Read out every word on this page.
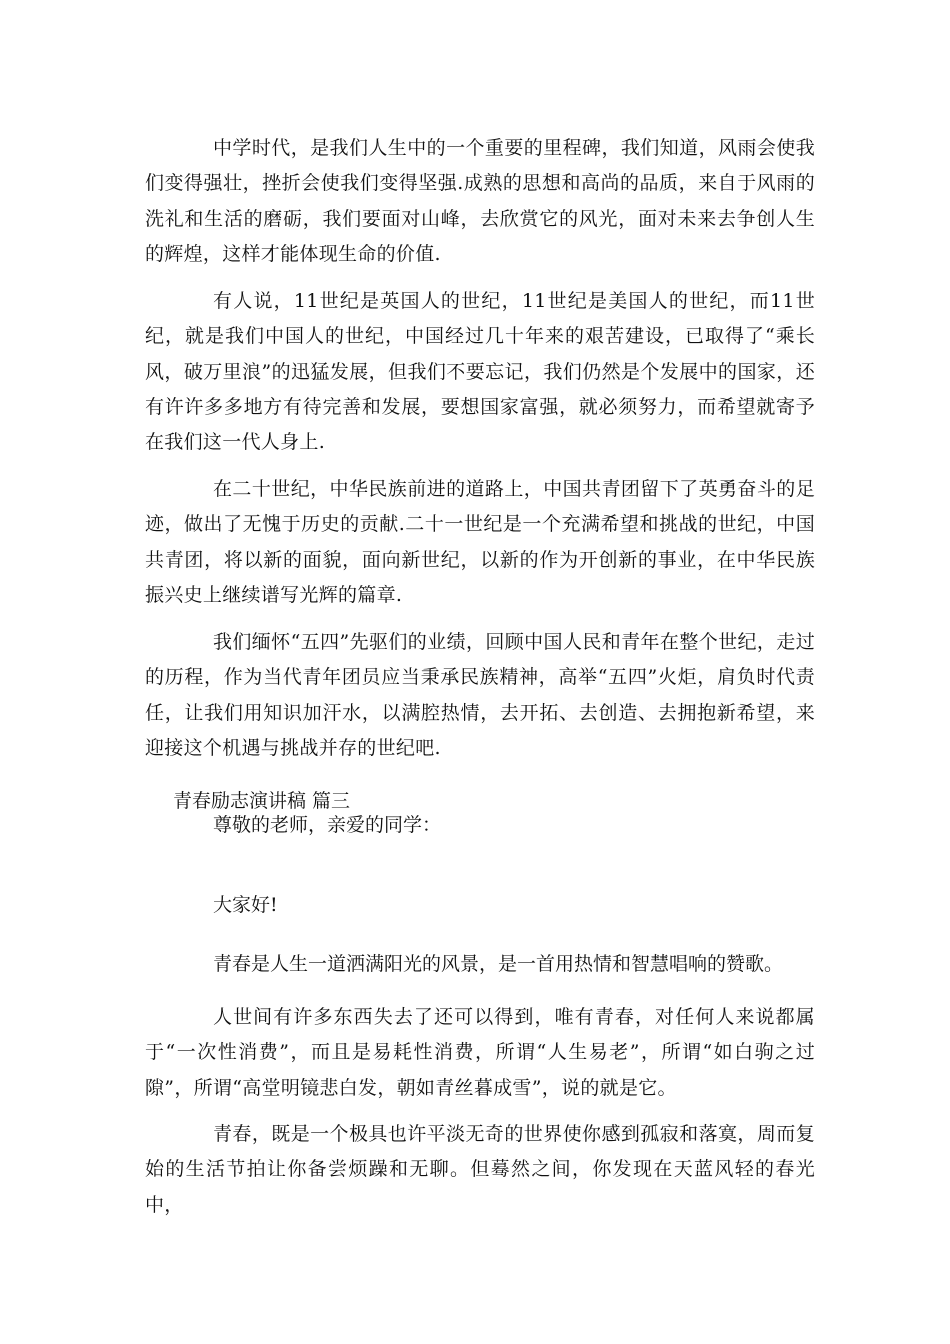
中学时代，是我们人生中的一个重要的里程碑，我们知道，风雨会使我们变得强壮，挫折会使我们变得坚强.成熟的思想和高尚的品质，来自于风雨的洗礼和生活的磨砺，我们要面对山峰，去欣赏它的风光，面对未来去争创人生的辉煌，这样才能体现生命的价值.

有人说，11世纪是英国人的世纪，11世纪是美国人的世纪，而11世纪，就是我们中国人的世纪，中国经过几十年来的艰苦建设，已取得了“乘长风，破万里浪”的迅猛发展，但我们不要忘记，我们仍然是个发展中的国家，还有许许多多地方有待完善和发展，要想国家富强，就必须努力，而希望就寄予在我们这一代人身上.

在二十世纪，中华民族前进的道路上，中国共青团留下了英勇奋斗的足迹，做出了无愧于历史的贡献.二十一世纪是一个充满希望和挑战的世纪，中国共青团，将以新的面貌，面向新世纪，以新的作为开创新的事业，在中华民族振兴史上继续谱写光辉的篇章.

我们缅怀“五四”先驱们的业绩，回顾中国人民和青年在整个世纪，走过的历程，作为当代青年团员应当秉承民族精神，高举“五四”火炬，肩负时代责任，让我们用知识加汗水，以满腔热情，去开拓、去创造、去拥抱新希望，来迎接这个机遇与挑战并存的世纪吧.

青春励志演讲稿 篇三

尊敬的老师，亲爱的同学：

大家好!

青春是人生一道洒满阳光的风景，是一首用热情和智慧唱响的赞歌。

人世间有许多东西失去了还可以得到，唯有青春，对任何人来说都属于“一次性消费”，而且是易耗性消费，所谓“人生易老”，所谓“如白驹之过隙”，所谓“高堂明镜悲白发，朝如青丝暮成雪”，说的就是它。

青春，既是一个极具也许平淡无奇的世界使你感到孤寂和落寞，周而复始的生活节拍让你备尝烦躁和无聊。但蓦然之间，你发现在天蓝风轻的春光中，
